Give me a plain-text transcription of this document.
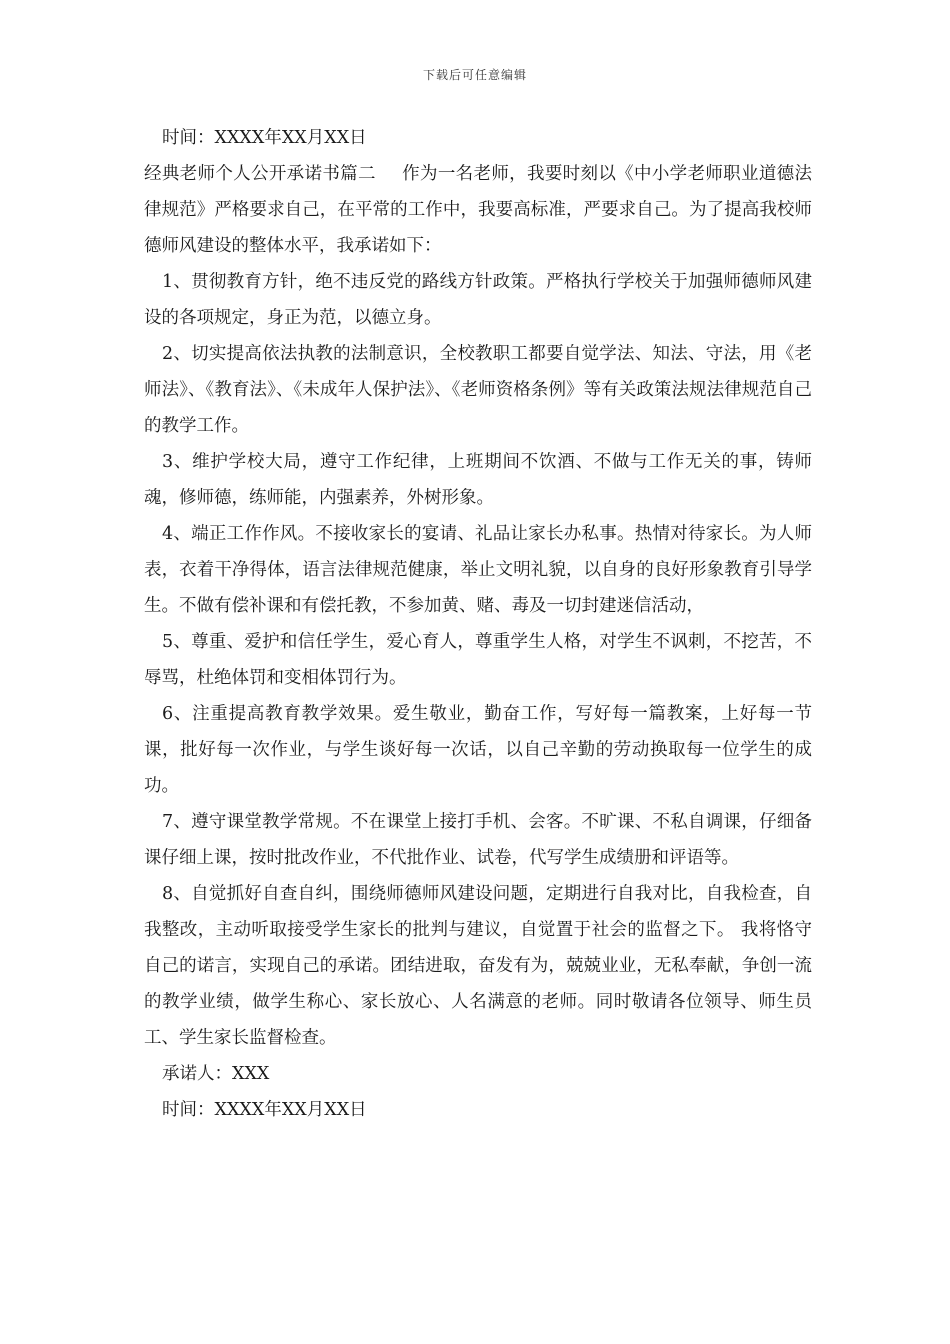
下载后可任意编辑

时间：XXXX年XX月XX日

经典老师个人公开承诺书篇二 作为一名老师，我要时刻以《中小学老师职业道德法律规范》严格要求自己，在平常的工作中，我要高标准，严要求自己。为了提高我校师德师风建设的整体水平，我承诺如下：

1、贯彻教育方针，绝不违反党的路线方针政策。严格执行学校关于加强师德师风建设的各项规定，身正为范，以德立身。

2、切实提高依法执教的法制意识，全校教职工都要自觉学法、知法、守法，用《老师法》、《教育法》、《未成年人保护法》、《老师资格条例》等有关政策法规法律规范自己的教学工作。

3、维护学校大局，遵守工作纪律，上班期间不饮酒、不做与工作无关的事，铸师魂，修师德，练师能，内强素养，外树形象。

4、端正工作作风。不接收家长的宴请、礼品让家长办私事。热情对待家长。为人师表，衣着干净得体，语言法律规范健康，举止文明礼貌，以自身的良好形象教育引导学生。不做有偿补课和有偿托教，不参加黄、赌、毒及一切封建迷信活动，

5、尊重、爱护和信任学生，爱心育人，尊重学生人格，对学生不讽刺，不挖苦，不辱骂，杜绝体罚和变相体罚行为。

6、注重提高教育教学效果。爱生敬业，勤奋工作，写好每一篇教案，上好每一节课，批好每一次作业，与学生谈好每一次话，以自己辛勤的劳动换取每一位学生的成功。

7、遵守课堂教学常规。不在课堂上接打手机、会客。不旷课、不私自调课，仔细备课仔细上课，按时批改作业，不代批作业、试卷，代写学生成绩册和评语等。

8、自觉抓好自查自纠，围绕师德师风建设问题，定期进行自我对比，自我检查，自我整改，主动听取接受学生家长的批判与建议，自觉置于社会的监督之下。 我将恪守自己的诺言，实现自己的承诺。团结进取，奋发有为，兢兢业业，无私奉献，争创一流的教学业绩，做学生称心、家长放心、人名满意的老师。同时敬请各位领导、师生员工、学生家长监督检查。

承诺人：XXX

时间：XXXX年XX月XX日
